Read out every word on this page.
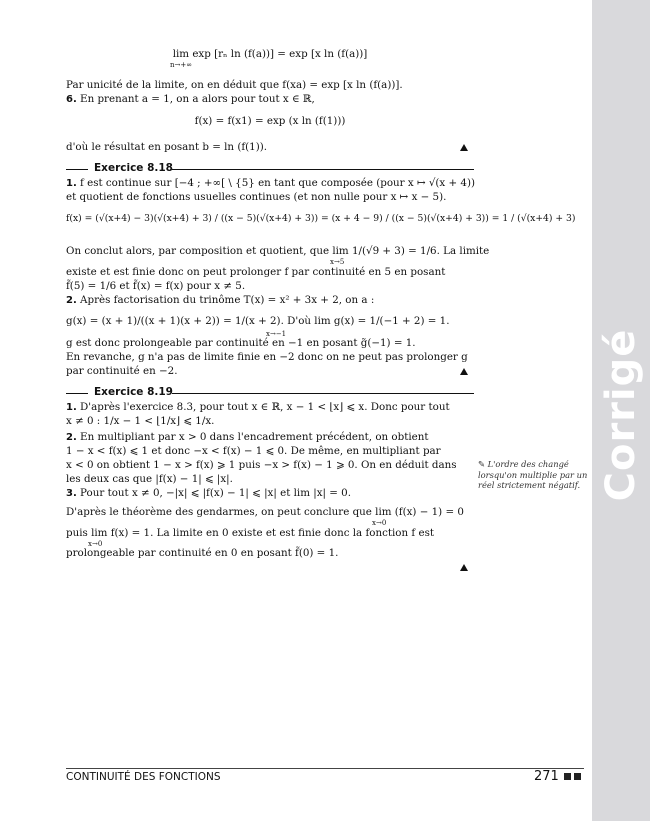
lim exp [rₙ ln (f(a))] = exp [x ln (f(a))]
n→+∞
Par unicité de la limite, on en déduit que f(xa) = exp [x ln (f(a))].
6. En prenant a = 1, on a alors pour tout x ∈ ℝ,
f(x) = f(x1) = exp (x ln (f(1)))
d'où le résultat en posant b = ln (f(1)).
Exercice 8.18
1. f est continue sur [−4 ; +∞[ \ {5} en tant que composée (pour x ↦ √(x + 4))
et quotient de fonctions usuelles continues (et non nulle pour x ↦ x − 5).
f(x) = (√(x+4) − 3)(√(x+4) + 3) / ((x − 5)(√(x+4) + 3)) = (x + 4 − 9) / ((x − 5)(√(x+4) + 3)) = 1 / (√(x+4) + 3)
On conclut alors, par composition et quotient, que lim 1/(√9 + 3) = 1/6. La limite
x→5
existe et est finie donc on peut prolonger f par continuité en 5 en posant
f̃(5) = 1/6 et f̃(x) = f(x) pour x ≠ 5.
2. Après factorisation du trinôme T(x) = x² + 3x + 2, on a :
g(x) = (x + 1)/((x + 1)(x + 2)) = 1/(x + 2). D'où lim g(x) = 1/(−1 + 2) = 1.
x→−1
g est donc prolongeable par continuité en −1 en posant g̃(−1) = 1.
En revanche, g n'a pas de limite finie en −2 donc on ne peut pas prolonger g
par continuité en −2.
Exercice 8.19
1. D'après l'exercice 8.3, pour tout x ∈ ℝ, x − 1 < ⌊x⌋ ⩽ x. Donc pour tout
x ≠ 0 : 1/x − 1 < ⌊1/x⌋ ⩽ 1/x.
2. En multipliant par x > 0 dans l'encadrement précédent, on obtient
1 − x < f(x) ⩽ 1 et donc −x < f(x) − 1 ⩽ 0. De même, en multipliant par
x < 0 on obtient 1 − x > f(x) ⩾ 1 puis −x > f(x) − 1 ⩾ 0. On en déduit dans
les deux cas que |f(x) − 1| ⩽ |x|.
3. Pour tout x ≠ 0, −|x| ⩽ |f(x) − 1| ⩽ |x| et lim |x| = 0.
D'après le théorème des gendarmes, on peut conclure que lim (f(x) − 1) = 0
x→0
puis lim f(x) = 1. La limite en 0 existe et est finie donc la fonction f est
x→0
prolongeable par continuité en 0 en posant f̃(0) = 1.
✎ L'ordre des changé lorsqu'on multiplie par un réel strictement négatif.
CONTINUITÉ DES FONCTIONS	271
Corrigé
